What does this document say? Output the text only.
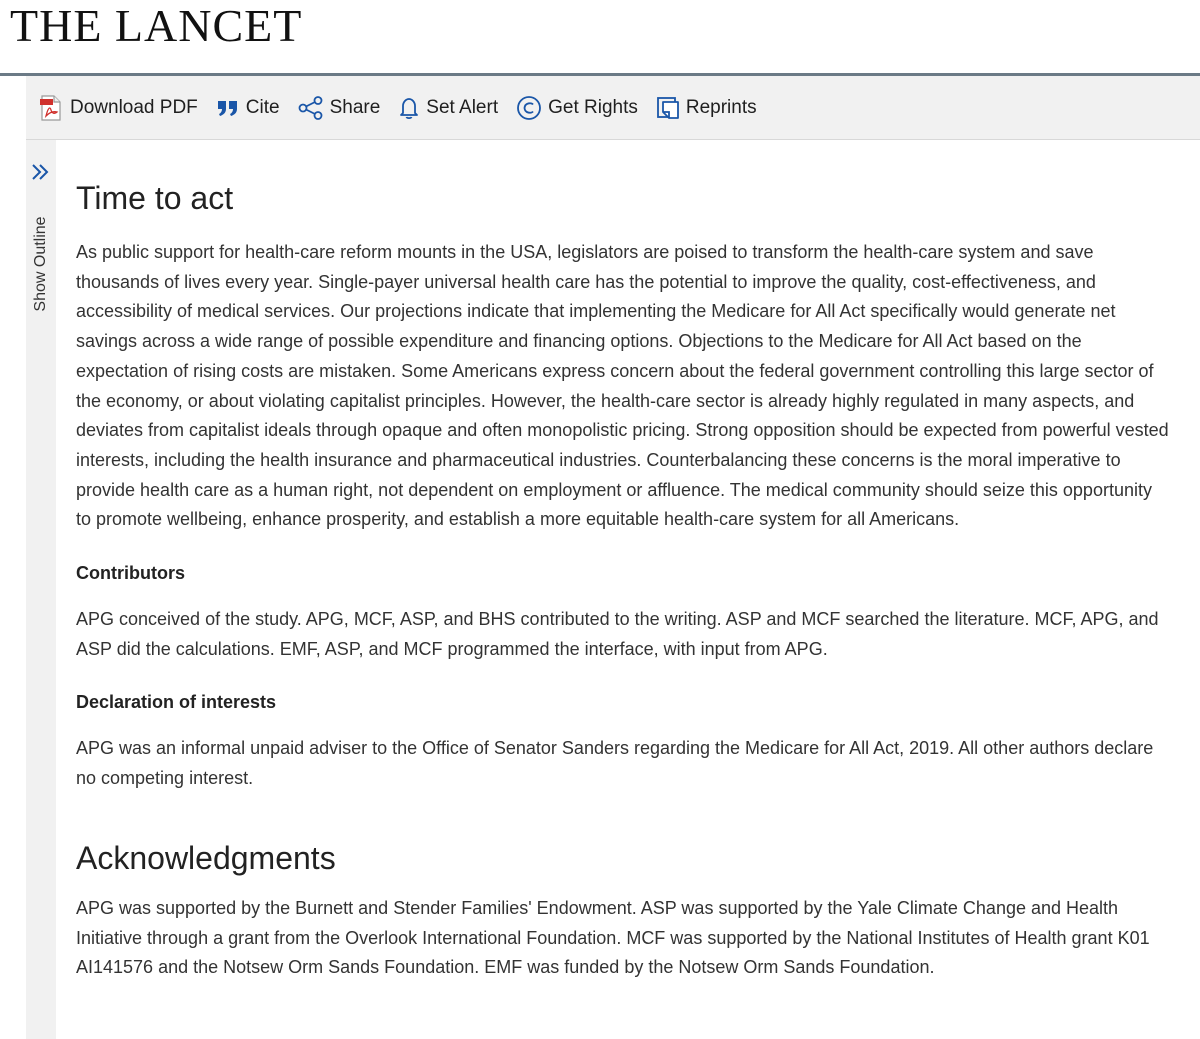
THE LANCET
Download PDF	Cite	Share Set Alert	Get Rights	Reprints
Show Outline
Time to act

As public support for health-care reform mounts in the USA, legislators are poised to transform the health-care system and save thousands of lives every year. Single-payer universal health care has the potential to improve the quality, cost-effectiveness, and accessibility of medical services. Our projections indicate that implementing the Medicare for All Act specifically would generate net savings across a wide range of possible expenditure and financing options. Objections to the Medicare for All Act based on the expectation of rising costs are mistaken. Some Americans express concern about the federal government controlling this large sector of the economy, or about violating capitalist principles. However, the health-care sector is already highly regulated in many aspects, and deviates from capitalist ideals through opaque and often monopolistic pricing. Strong opposition should be expected from powerful vested interests, including the health insurance and pharmaceutical industries. Counterbalancing these concerns is the moral imperative to provide health care as a human right, not dependent on employment or affluence. The medical community should seize this opportunity to promote wellbeing, enhance prosperity, and establish a more equitable health-care system for all Americans.

Contributors

APG conceived of the study. APG, MCF, ASP, and BHS contributed to the writing. ASP and MCF searched the literature. MCF, APG, and ASP did the calculations. EMF, ASP, and MCF programmed the interface, with input from APG.

Declaration of interests

APG was an informal unpaid adviser to the Office of Senator Sanders regarding the Medicare for All Act, 2019. All other authors declare no competing interest.

Acknowledgments

APG was supported by the Burnett and Stender Families' Endowment. ASP was supported by the Yale Climate Change and Health Initiative through a grant from the Overlook International Foundation. MCF was supported by the National Institutes of Health grant K01 AI141576 and the Notsew Orm Sands Foundation. EMF was funded by the Notsew Orm Sands Foundation.
